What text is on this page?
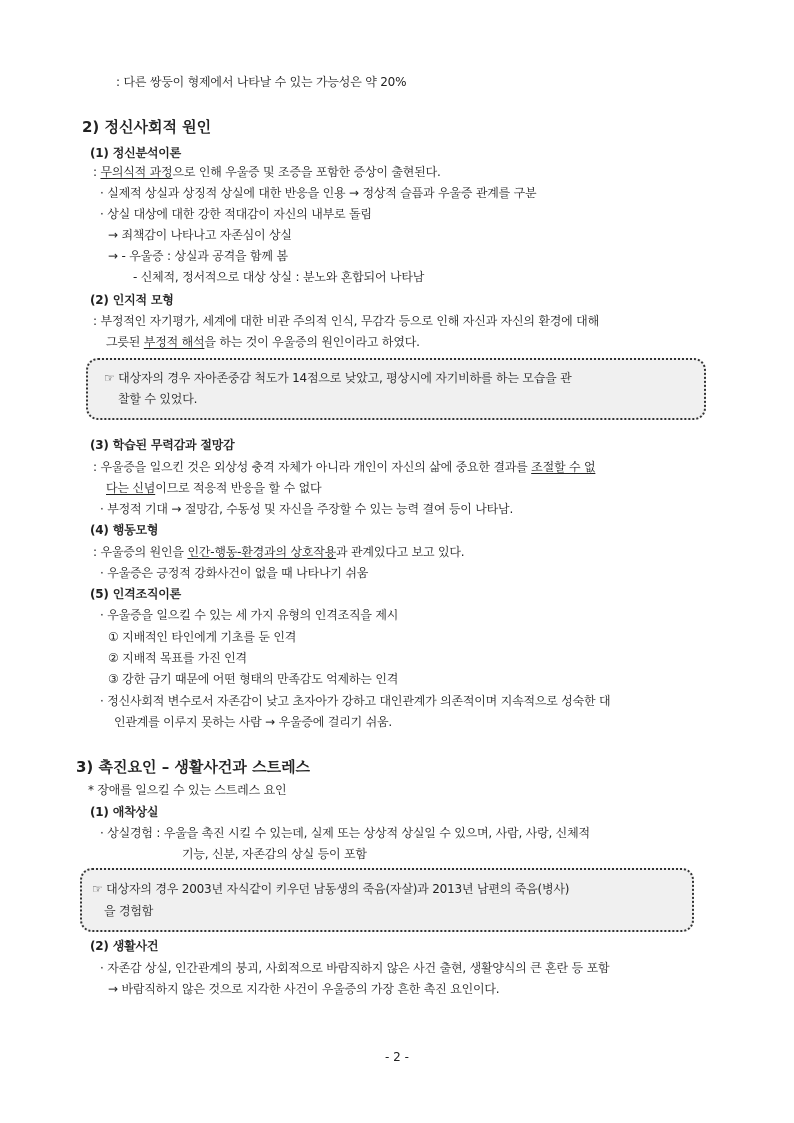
: 다른 쌍둥이 형제에서 나타날 수 있는 가능성은 약 20%
2) 정신사회적 원인
(1) 정신분석이론
: 무의식적 과정으로 인해 우울증 및 조증을 포함한 증상이 출현된다.
· 실제적 상실과 상징적 상실에 대한 반응을 인용 → 정상적 슬픔과 우울증 관계를 구분
· 상실 대상에 대한 강한 적대감이 자신의 내부로 돌림
→ 죄책감이 나타나고 자존심이 상실
→ - 우울증 : 상실과 공격을 함께 봄
- 신체적, 정서적으로 대상 상실 : 분노와 혼합되어 나타남
(2) 인지적 모형
: 부정적인 자기평가, 세계에 대한 비관 주의적 인식, 무감각 등으로 인해 자신과 자신의 환경에 대해
그릇된 부정적 해석을 하는 것이 우울증의 원인이라고 하였다.
☞ 대상자의 경우 자아존중감 척도가 14점으로 낮았고, 평상시에 자기비하를 하는 모습을 관
찰할 수 있었다.
(3) 학습된 무력감과 절망감
: 우울증을 일으킨 것은 외상성 충격 자체가 아니라 개인이 자신의 삶에 중요한 결과를 조절할 수 없
다는 신념이므로 적응적 반응을 할 수 없다
· 부정적 기대 → 절망감, 수동성 및 자신을 주장할 수 있는 능력 결여 등이 나타남.
(4) 행동모형
: 우울증의 원인을 인간-행동-환경과의 상호작용과 관계있다고 보고 있다.
· 우울증은 긍정적 강화사건이 없을 때 나타나기 쉬움
(5) 인격조직이론
· 우울증을 일으킬 수 있는 세 가지 유형의 인격조직을 제시
① 지배적인 타인에게 기초를 둔 인격
② 지배적 목표를 가진 인격
③ 강한 금기 때문에 어떤 형태의 만족감도 억제하는 인격
· 정신사회적 변수로서 자존감이 낮고 초자아가 강하고 대인관계가 의존적이며 지속적으로 성숙한 대
인관계를 이루지 못하는 사람 → 우울증에 걸리기 쉬움.
3) 촉진요인 – 생활사건과 스트레스
* 장애를 일으킬 수 있는 스트레스 요인
(1) 애착상실
· 상실경험 : 우울을 촉진 시킬 수 있는데, 실제 또는 상상적 상실일 수 있으며, 사람, 사랑, 신체적
기능, 신분, 자존감의 상실 등이 포함
☞ 대상자의 경우 2003년 자식같이 키우던 남동생의 죽음(자살)과 2013년 남편의 죽음(병사)
을 경험함
(2) 생활사건
· 자존감 상실, 인간관계의 붕괴, 사회적으로 바람직하지 않은 사건 출현, 생활양식의 큰 혼란 등 포함
→ 바람직하지 않은 것으로 지각한 사건이 우울증의 가장 흔한 촉진 요인이다.
- 2 -
